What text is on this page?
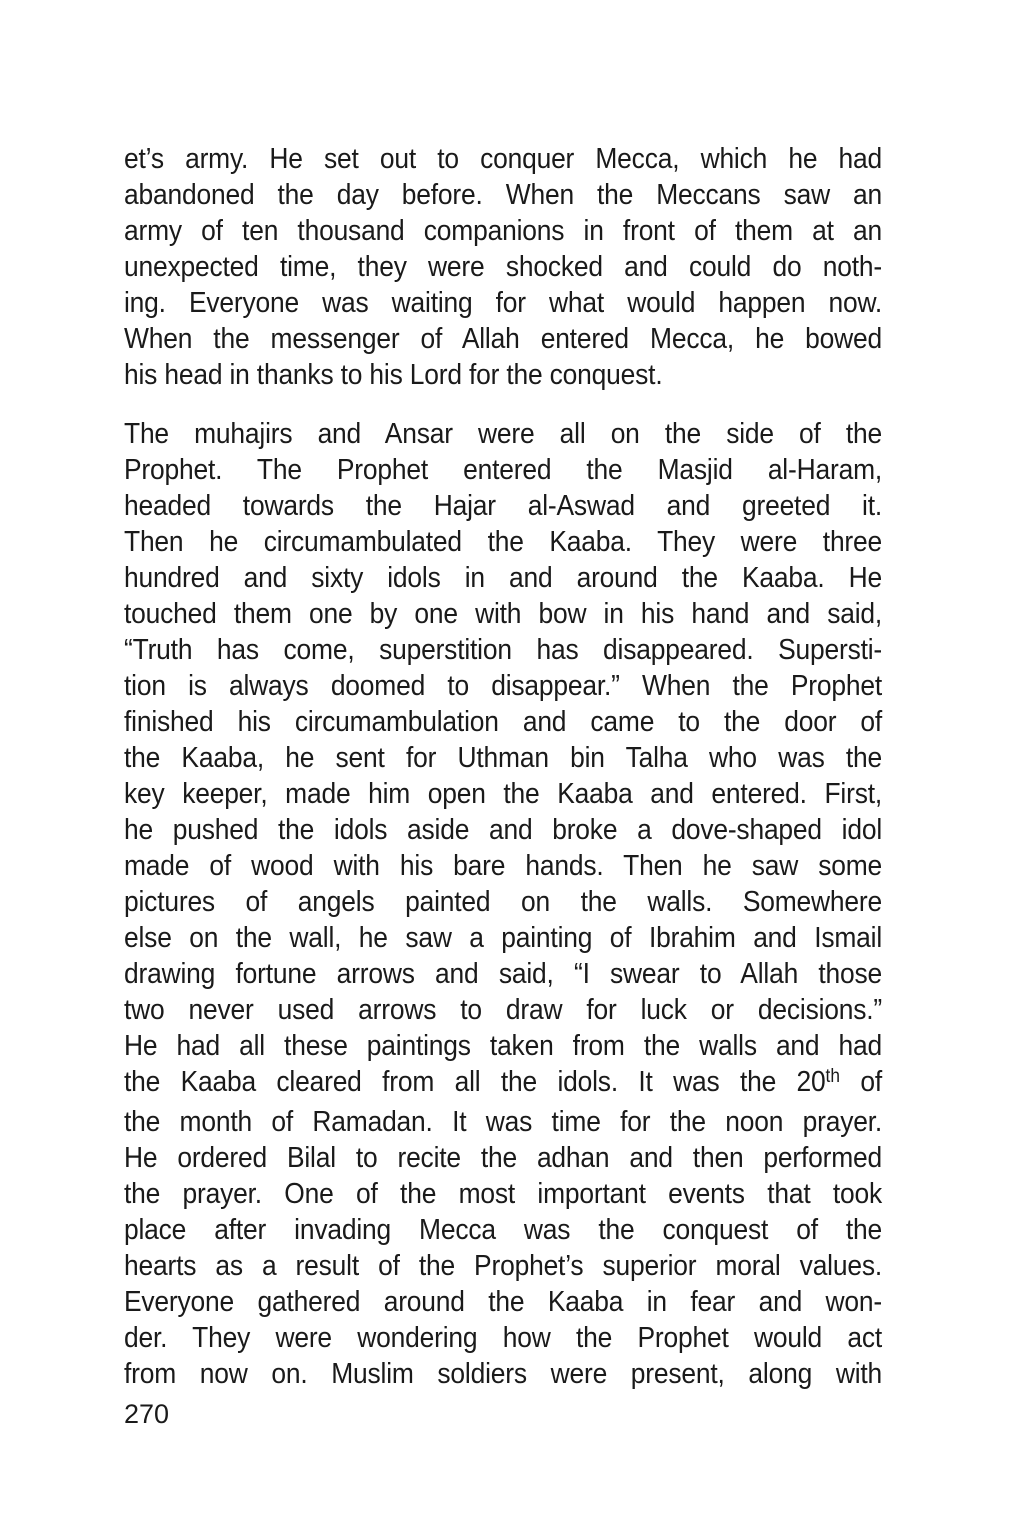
et’s army. He set out to conquer Mecca, which he had
abandoned the day before. When the Meccans saw an
army of ten thousand companions in front of them at an
unexpected time, they were shocked and could do noth-
ing. Everyone was waiting for what would happen now.
When the messenger of Allah entered Mecca, he bowed
his head in thanks to his Lord for the conquest.
The muhajirs and Ansar were all on the side of the
Prophet. The Prophet entered the Masjid al-Haram,
headed towards the Hajar al-Aswad and greeted it.
Then he circumambulated the Kaaba. They were three
hundred and sixty idols in and around the Kaaba. He
touched them one by one with bow in his hand and said,
“Truth has come, superstition has disappeared. Supersti-
tion is always doomed to disappear.” When the Prophet
finished his circumambulation and came to the door of
the Kaaba, he sent for Uthman bin Talha who was the
key keeper, made him open the Kaaba and entered. First,
he pushed the idols aside and broke a dove-shaped idol
made of wood with his bare hands. Then he saw some
pictures of angels painted on the walls. Somewhere
else on the wall, he saw a painting of Ibrahim and Ismail
drawing fortune arrows and said, “I swear to Allah those
two never used arrows to draw for luck or decisions.”
He had all these paintings taken from the walls and had
the Kaaba cleared from all the idols. It was the 20th of
the month of Ramadan. It was time for the noon prayer.
He ordered Bilal to recite the adhan and then performed
the prayer. One of the most important events that took
place after invading Mecca was the conquest of the
hearts as a result of the Prophet’s superior moral values.
Everyone gathered around the Kaaba in fear and won-
der. They were wondering how the Prophet would act
from now on. Muslim soldiers were present, along with
270
